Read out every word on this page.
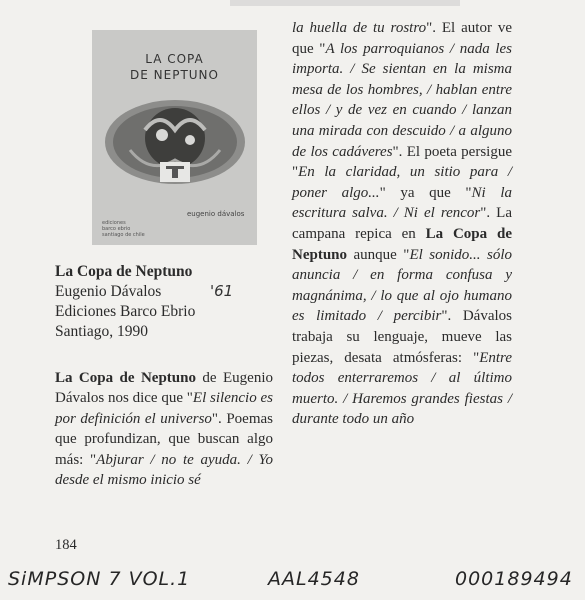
LA COPA
DE NEPTUNO
eugenio dávalos
ediciones
barco ebrio
santiago de chile
La Copa de Neptuno
Eugenio Dávalos
Ediciones Barco Ebrio
Santiago, 1990
'61
La Copa de Neptuno de Eugenio Dávalos nos dice que "El silencio es por definición el universo". Poemas que profundizan, que buscan algo más: "Abjurar / no te ayuda. / Yo desde el mismo inicio sé
la huella de tu rostro". El autor ve que "A los parroquianos / nada les importa. / Se sientan en la misma mesa de los hombres, / hablan entre ellos / y de vez en cuando / lanzan una mirada con descuido / a alguno de los cadáveres". El poeta persigue "En la claridad, un sitio para / poner algo..." ya que "Ni la escritura salva. / Ni el rencor". La campana repica en La Copa de Neptuno aunque "El sonido... sólo anuncia / en forma confusa y magnánima, / lo que al ojo humano es limitado / percibir". Dávalos trabaja su lenguaje, mueve las piezas, desata atmósferas: "Entre todos enterraremos / al último muerto. / Haremos grandes fiestas / durante todo un año
184
SiMPSON 7 VOL.1	AAL4548	000189494
